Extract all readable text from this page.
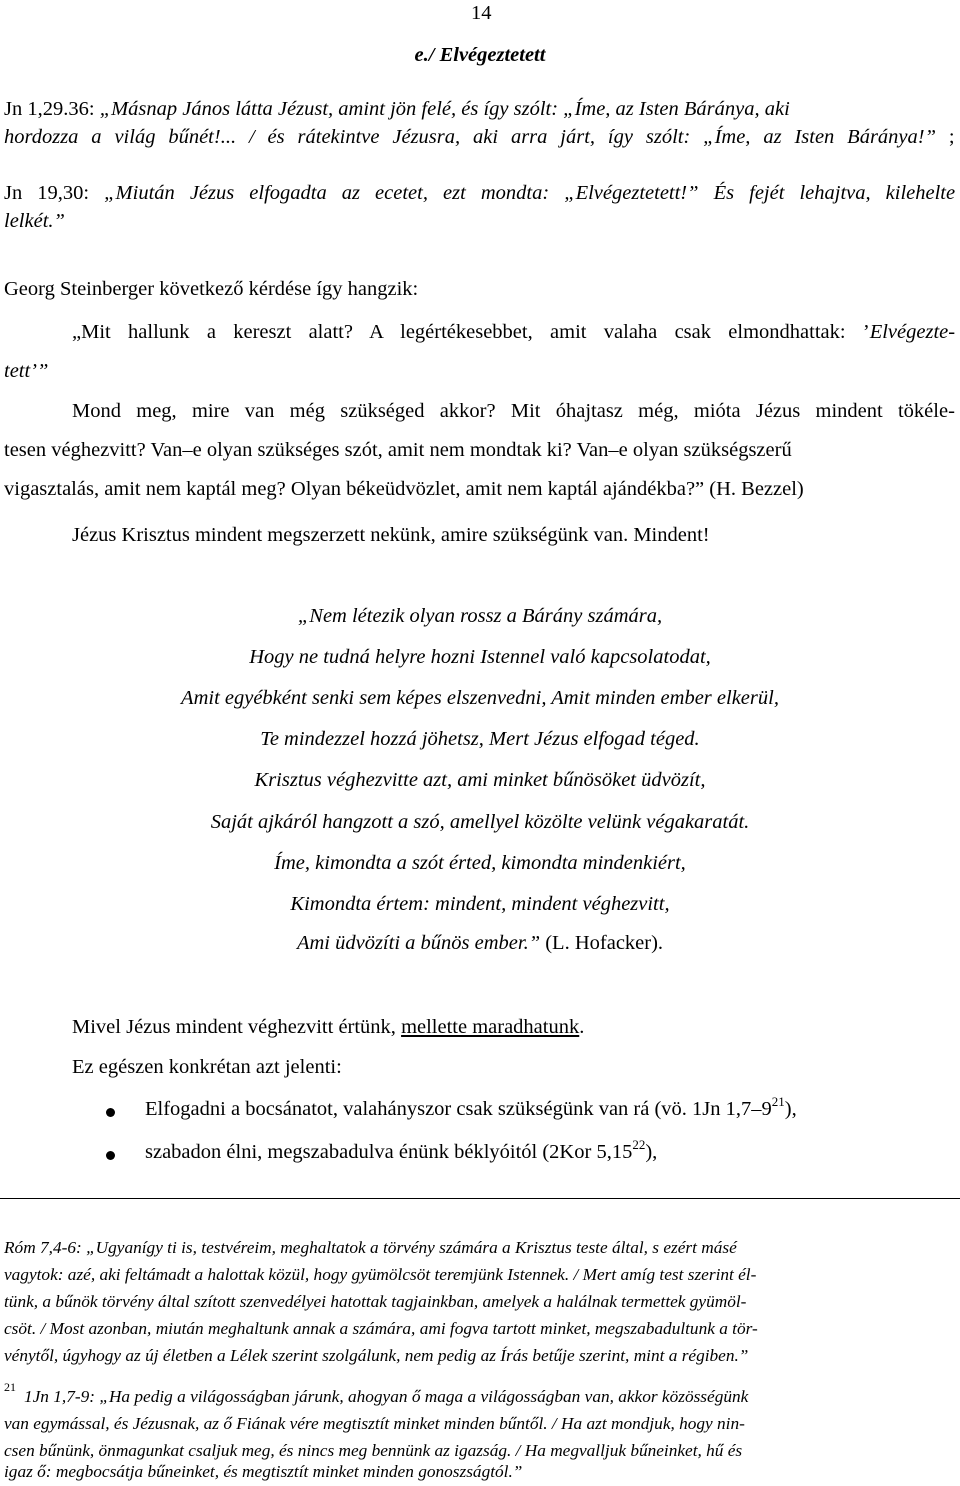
14
e./ Elvégeztetett
Jn 1,29.36: „Másnap János látta Jézust, amint jön felé, és így szólt: „Íme, az Isten Báránya, aki
hordozza a világ bűnét!... / és rátekintve Jézusra, aki arra járt, így szólt: „Íme, az Isten Báránya!” ;
Jn 19,30: „Miután Jézus elfogadta az ecetet, ezt mondta: „Elvégeztetett!” És fejét lehajtva, kilehelte
lelkét.”
Georg Steinberger következő kérdése így hangzik:
„Mit hallunk a kereszt alatt? A legértékesebbet, amit valaha csak elmondhattak: ’Elvégezte-
tett’”
Mond meg, mire van még szükséged akkor? Mit óhajtasz még, mióta Jézus mindent tökéle-
tesen véghezvitt? Van–e olyan szükséges szót, amit nem mondtak ki? Van–e olyan szükségszerű
vigasztalás, amit nem kaptál meg? Olyan békeüdvözlet, amit nem kaptál ajándékba?” (H. Bezzel)
Jézus Krisztus mindent megszerzett nekünk, amire szükségünk van. Mindent!
„Nem létezik olyan rossz a Bárány számára,
Hogy ne tudná helyre hozni Istennel való kapcsolatodat,
Amit egyébként senki sem képes elszenvedni, Amit minden ember elkerül,
Te mindezzel hozzá jöhetsz, Mert Jézus elfogad téged.
Krisztus véghezvitte azt, ami minket bűnösöket üdvözít,
Saját ajkáról hangzott a szó, amellyel közölte velünk végakaratát.
Íme, kimondta a szót érted, kimondta mindenkiért,
Kimondta értem: mindent, mindent véghezvitt,
Ami üdvözíti a bűnös ember.” (L. Hofacker).
Mivel Jézus mindent véghezvitt értünk, mellette maradhatunk.
Ez egészen konkrétan azt jelenti:
Elfogadni a bocsánatot, valahányszor csak szükségünk van rá (vö. 1Jn $1,7-9^{21}$),
szabadon élni, megszabadulva énünk béklyóitól (2Kor 5,15$^{22}$),
Róm 7,4-6: „Ugyanígy ti is, testvéreim, meghaltatok a törvény számára a Krisztus teste által, s ezért másé
vagytok: azé, aki feltámadt a halottak közül, hogy gyümölcsöt teremjünk Istennek. / Mert amíg test szerint él-
tünk, a bűnök törvény által szított szenvedélyei hatottak tagjainkban, amelyek a halálnak termettek gyümöl-
csöt. / Most azonban, miután meghaltunk annak a számára, ami fogva tartott minket, megszabadultunk a tör-
vénytől, úgyhogy az új életben a Lélek szerint szolgálunk, nem pedig az Írás betűje szerint, mint a régiben.”
21 1Jn 1,7-9: „Ha pedig a világosságban járunk, ahogyan ő maga a világosságban van, akkor közösségünk
van egymással, és Jézusnak, az ő Fiának vére megtisztít minket minden bűntől. / Ha azt mondjuk, hogy nin-
csen bűnünk, önmagunkat csaljuk meg, és nincs meg bennünk az igazság. / Ha megvalljuk bűneinket, hű és
igaz ő: megbocsátja bűneinket, és megtisztít minket minden gonoszságtól.”
